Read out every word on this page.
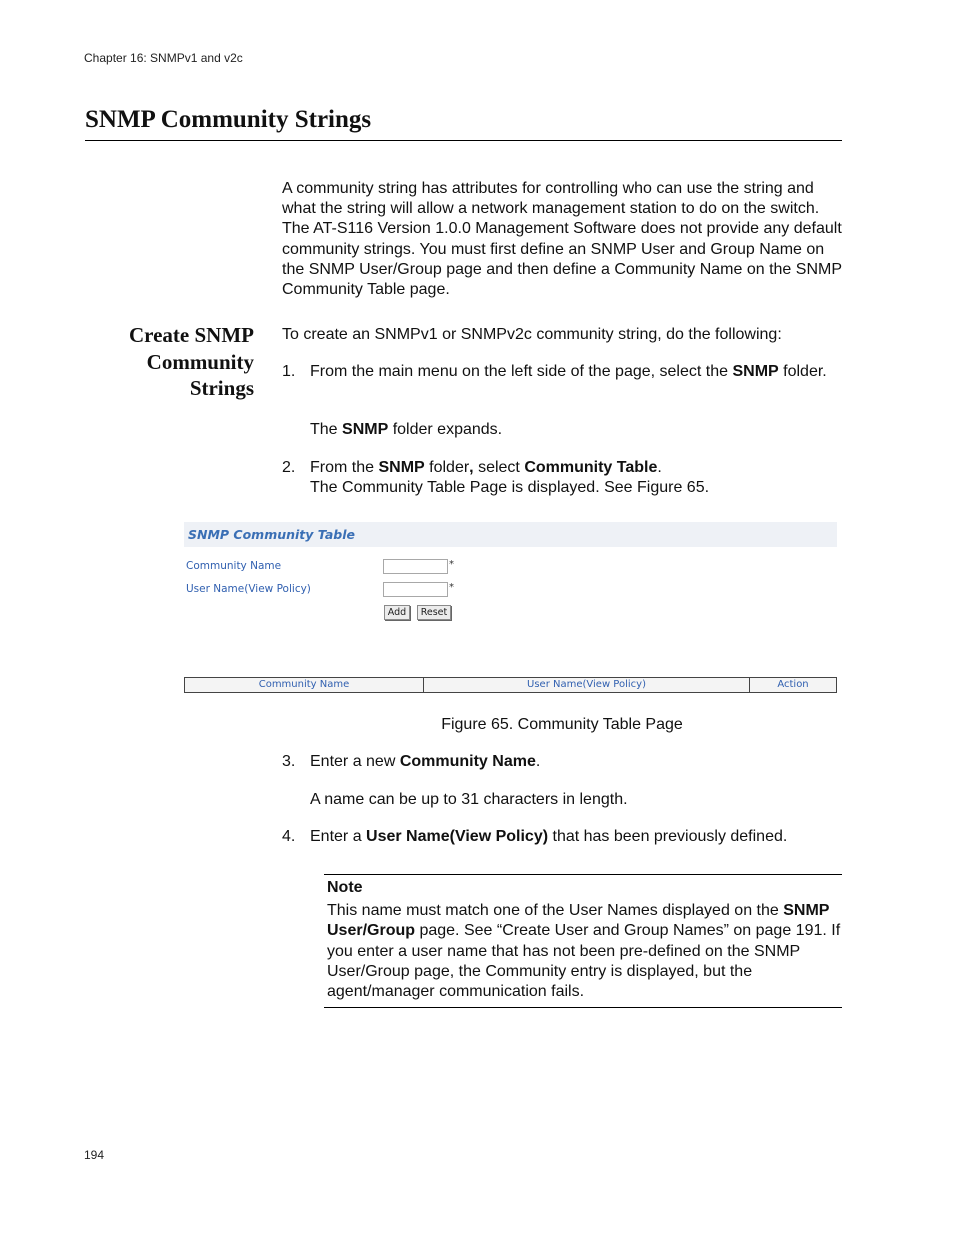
Chapter 16: SNMPv1 and v2c
SNMP Community Strings
A community string has attributes for controlling who can use the string and what the string will allow a network management station to do on the switch. The AT-S116 Version 1.0.0 Management Software does not provide any default community strings. You must first define an SNMP User and Group Name on the SNMP User/Group page and then define a Community Name on the SNMP Community Table page.
Create SNMP
Community
Strings
To create an SNMPv1 or SNMPv2c community string, do the following:
1. From the main menu on the left side of the page, select the SNMP folder.
The SNMP folder expands.
2. From the SNMP folder, select Community Table.
The Community Table Page is displayed. See Figure 65.
SNMP Community Table
Community Name	*
User Name(View Policy)	*
Add	Reset
Community Name	User Name(View Policy)	Action
Figure 65. Community Table Page
3. Enter a new Community Name.
A name can be up to 31 characters in length.
4. Enter a User Name(View Policy) that has been previously defined.
Note
This name must match one of the User Names displayed on the SNMP User/Group page. See “Create User and Group Names” on page 191. If you enter a user name that has not been pre-defined on the SNMP User/Group page, the Community entry is displayed, but the agent/manager communication fails.
194
